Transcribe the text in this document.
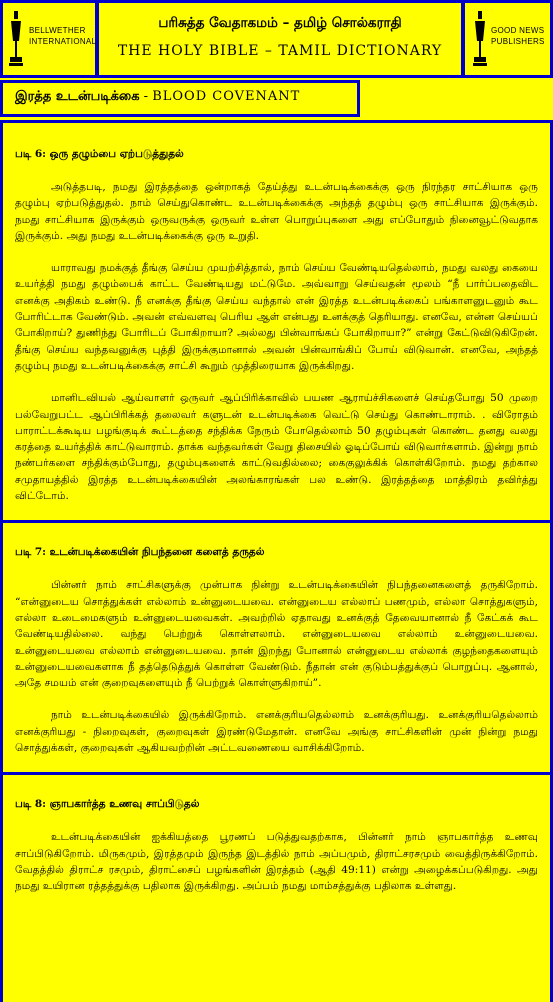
BELLWETHER
INTERNATIONAL
பரிசுத்த வேதாகமம் – தமிழ் சொல்கராதி
THE HOLY BIBLE – TAMIL DICTIONARY
GOOD NEWS
PUBLISHERS
இரத்த உடன்படிக்கை - BLOOD COVENANT
படி 6: ஒரு தழும்பை ஏற்படுத்துதல்

அடுத்தபடி, நமது இரத்தத்தை ஒன்றாகத் தேய்த்து உடன்படிக்கைக்கு ஒரு நிரந்தர சாட்சியாக ஒரு தழும்பு ஏற்படுத்துதல். நாம் செய்துகொண்ட உடன்படிக்கைக்கு அந்தத் தழும்பு ஒரு சாட்சியாக இருக்கும். நமது சாட்சியாக இருக்கும் ஒருவருக்கு ஒருவர் உள்ள பொறுப்புகளை அது எப்போதும் நினைவூட்டுவதாக இருக்கும். அது நமது உடன்படிக்கைக்கு ஒரு உறுதி.

யாராவது நமக்குத் தீங்கு செய்ய முயற்சித்தால், நாம் செய்ய வேண்டியதெல்லாம், நமது வலது கையை உயர்த்தி நமது தழும்பைக் காட்ட வேண்டியது மட்டுமே. அவ்வாறு செய்வதன் மூலம் “நீ பார்ப்பதைவிட எனக்கு அதிகம் உண்டு. நீ எனக்கு தீங்கு செய்ய வந்தால் என் இரத்த உடன்படிக்கைப் பங்காளனுடனும் கூட போரிட்டாக வேண்டும். அவன் எவ்வளவு பெரிய ஆள் என்பது உனக்குத் தெரியாது. எனவே, என்ன செய்யப் போகிறாய்? துணிந்து போரிடப் போகிறாயா? அல்லது பின்வாங்கப் போகிறாயா?” என்று கேட்டுவிடுகிறேன். தீங்கு செய்ய வந்தவனுக்கு புத்தி இருக்குமானால் அவன் பின்வாங்கிப் போய் விடுவான். எனவே, அந்தத் தழும்பு நமது உடன்படிக்கைக்கு சாட்சி கூறும் முத்திரையாக இருக்கிறது.

மானிடவியல் ஆய்வாளர் ஒருவர் ஆப்பிரிக்காவில் பயண ஆராய்ச்சிகளைச் செய்தபோது 50 முறை பல்வேறுபட்ட ஆப்பிரிக்கத் தலைவர் களுடன் உடன்படிக்கை வெட்டு செய்து கொண்டாராம். . விரோதம் பாராட்டக்கூடிய பழங்குடிக் கூட்டத்தை சந்திக்க நேரும் போதெல்லாம் 50 தழும்புகள் கொண்ட தனது வலது கரத்தை உயர்த்திக் காட்டுவாராம். தாக்க வந்தவர்கள் வேறு திசையில் ஓடிப்போய் விடுவார்களாம். இன்று நாம் நண்பர்களை சந்திக்கும்போது, தழும்புகளைக் காட்டுவதில்லை; கைகுலுக்கிக் கொள்கிறோம். நமது தற்கால சமுதாயத்தில் இரத்த உடன்படிக்கையின் அலங்காரங்கள் பல உண்டு. இரத்தத்தை மாத்திரம் தவிர்த்து விட்டோம்.

படி 7: உடன்படிக்கையின் நிபந்தனை களைத் தருதல்

பின்னர் நாம் சாட்சிகளுக்கு முன்பாக நின்று உடன்படிக்கையின் நிபந்தனைகளைத் தருகிறோம். “என்னுடைய சொத்துக்கள் எல்லாம் உன்னுடையவை. என்னுடைய எல்லாப் பணமும், எல்லா சொத்துகளும், எல்லா உடைமைகளும் உன்னுடையவைகள். அவற்றில் ஏதாவது உனக்குத் தேவையானால் நீ கேட்கக் கூட வேண்டியதில்லை. வந்து பெற்றுக் கொள்ளலாம். என்னுடையவை எல்லாம் உன்னுடையவை. உன்னுடையவை எல்லாம் என்னுடையவை. நான் இறந்து போனால் என்னுடைய எல்லாக் குழந்தைகளையும் உன்னுடையவைகளாக நீ தத்தெடுத்துக் கொள்ள வேண்டும். நீதான் என் குடும்பத்துக்குப் பொறுப்பு. ஆனால், அதே சமயம் என் குறைவுகளையும் நீ பெற்றுக் கொள்ளுகிறாய்”.

நாம் உடன்படிக்கையில் இருக்கிறோம். எனக்குரியதெல்லாம் உனக்குரியது. உனக்குரியதெல்லாம் எனக்குரியது - நிறைவுகள், குறைவுகள் இரண்டுமேதான். எனவே அங்கு சாட்சிகளின் முன் நின்று நமது சொத்துக்கள், குறைவுகள் ஆகியவற்றின் அட்டவணையை வாசிக்கிறோம்.

படி 8: ஞாபகார்த்த உணவு சாப்பிடுதல்

உடன்படிக்கையின் ஐக்கியத்தை பூரணப் படுத்துவதற்காக, பின்னர் நாம் ஞாபகார்த்த உணவு சாப்பிடுகிறோம். மிருகமும், இரத்தமும் இருந்த இடத்தில் நாம் அப்பமும், திராட்சரசமும் வைத்திருக்கிறோம். வேதத்தில் திராட்ச ரசமும், திராட்சைப் பழங்களின் இரத்தம் (ஆதி 49:11) என்று அழைக்கப்படுகிறது. அது நமது உயிரான ரத்தத்துக்கு பதிலாக இருக்கிறது. அப்பம் நமது மாம்சத்துக்கு பதிலாக உள்ளது.
